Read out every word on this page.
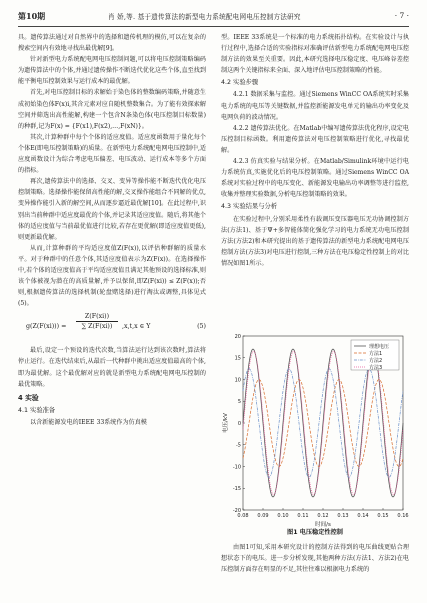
第10期	肖 娇,等. 基于遗传算法的新型电力系统配电网电压控制方法研究	· 7 ·

具。遗传算法通过对自然界中的选择和遗传机理的模仿,可以在复杂的搜索空间内有效地寻找出最优解[9]。

针对新型电力系统配电网电压控制问题,可以将电压控制策略编码为遗传算法中的个体,并通过遗传操作不断迭代优化这些个体,直至找到能平衡电压控制效果与运行成本的最优解。

首先,对电压控制目标的求解始于染色体的整数编码策略,并随意生成初始染色体F(x)i,其含元素对应自随机整数集合。为了能有效探索解空间并筛选出高性能解,构建一个包含N条染色体(电压控制目标数量)的种群,记为F(x) = {F(x1),F(x2),…,F(xN)}。

其次,计算种群中每个个体的适应度值。适应度函数用于量化每个个体E(即电压控制策略)的质量。在新型电力系统配电网电压控制中,适应度函数设计为综合考虑电压偏差、电压波动、运行成本等多个方面的指标。

再次,遗传算法中的选择、交叉、变异等操作能不断迭代优化电压控制策略。选择操作能保留高性能的解,交叉操作能组合不同解的优点,变异操作能引入新的解空间,从而逐步逼近最优解[10]。在此过程中,识别出当前种群中适应度最优的个体,并记录其适应度值。随后,将其他个体的适应度值与当前最优值进行比较,若存在更优解(即适应度值更低),则更新最优解。

从而,计算种群的平均适应度值Z(F(x)),以评估种群解的质量水平。对于种群中的任意个体,其适应度值表示为Z(F(x))。在选择操作中,若个体的适应度值高于平均适应度值且满足其他预设的选择标准,则该个体被视为潜在的高质量解,并予以保留,即Z(F(xi)) ≤ Z(F(x));否则,根据遗传算法的选择机制(轮盘赌选择)进行淘汰或调整,具体见式(5)。

$g(Z(F(xi))) = \frac{Z(F(xi))}{\sum Z(F(xi))} ,x,t,x$ ∈ Y	(5)

最后,设定一个预设的迭代次数,当算法运行达到该次数时,算法将停止运行。在迭代结束后,从最后一代种群中挑出适应度值最高的个体,即为最优解。这个最优解对应的就是新型电力系统配电网电压控制的最优策略。

4 实验

4.1 实验准备

以含新能源发电的IEEE 33系统作为仿真模

型。IEEE 33系统是一个标准的电力系统拓扑结构。在实验设计与执行过程中,选择合适的实验指标对准确评估新型电力系统配电网电压控制方法的效果至关重要。因此,本研究选择电压稳定度、电压峰谷差控制这两个关键指标来全面、深入地评估电压控制策略的性能。

4.2 实验步骤

4.2.1 数据采集与监控。通过Siemens WinCC OA系统实时采集电力系统的电压等关键数据,并监控新能源发电单元的输出功率变化及电网负荷的波动情况。

4.2.2 遗传算法优化。在Matlab中编写遗传算法优化程序,设定电压控制目标函数。利用遗传算法对电压控制策略进行优化,寻找最优解。

4.2.3 仿真实验与结果分析。在Matlab/Simulink环境中运行电力系统仿真,实施优化后的电压控制策略。通过Siemens WinCC OA系统对实验过程中的电压变化、新能源发电输出功率调整等进行监控,收集并整理实验数据,分析电压控制策略的效果。

4.3 实验结果与分析

在实验过程中,分别采用柔性有载调压变压器电压无功协调控制方法(方法1)、基于Ψ+多智能体简化强化学习的电力系统无功电压控制方法(方法2)和本研究提出的基于遗传算法的新型电力系统配电网电压控制方法(方法3)对电压进行控制,三种方法在电压稳定性控制上的对比情况如图1所示。

20
15
10
5
0
-5
-10
-15
-20
0.08 0.09 0.10 0.11 0.12 0.13 0.14 0.15 0.16
时间/s
电压/kV
理想电压
方法1
方法2
方法3
图1 电压稳定性控制

由图1可知,采用本研究设计的控制方法得到的电压曲线更贴合理想状态下的电压。进一步分析发现,其他两种方法(方法1、方法2)在电压控制方面存在明显的不足,其往往难以根据电力系统的
